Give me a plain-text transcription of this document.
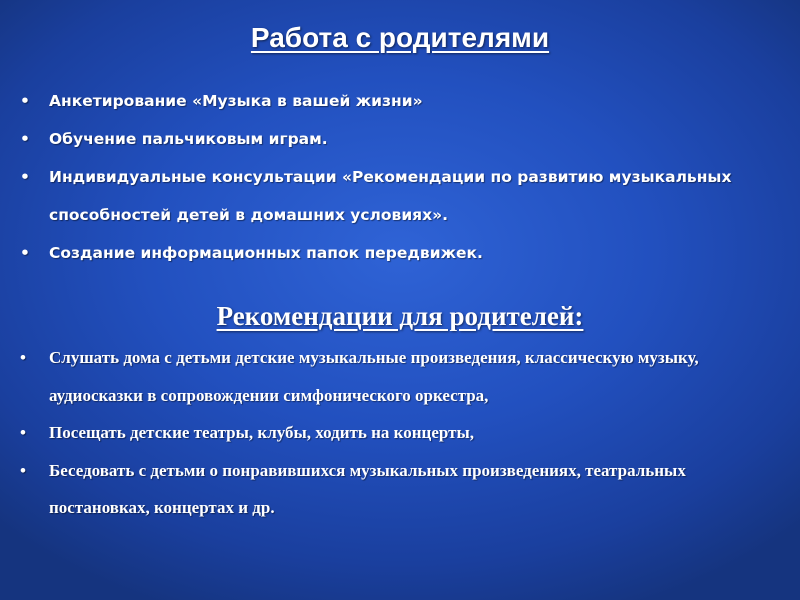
Работа с родителями
• Анкетирование «Музыка в вашей жизни»
• Обучение пальчиковым играм.
• Индивидуальные консультации «Рекомендации по развитию музыкальных способностей детей в домашних условиях».
• Создание информационных папок передвижек.
Рекомендации для родителей:
• Слушать дома с детьми детские музыкальные произведения, классическую музыку, аудиосказки в сопровождении симфонического оркестра,
• Посещать детские театры, клубы, ходить на концерты,
• Беседовать с детьми о понравившихся музыкальных произведениях, театральных постановках, концертах и др.
